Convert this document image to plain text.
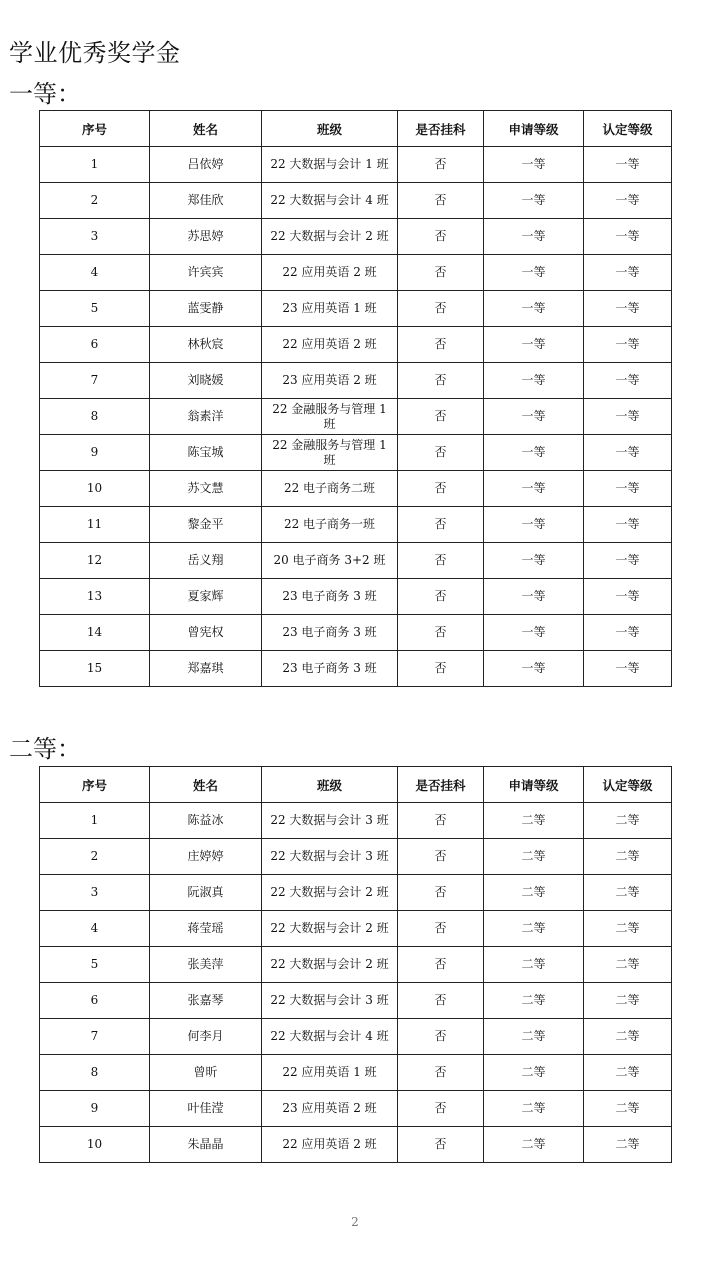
学业优秀奖学金
一等：
序号	姓名	班级	是否挂科	申请等级	认定等级
1	吕依婷	22 大数据与会计 1 班	否	一等	一等
2	郑佳欣	22 大数据与会计 4 班	否	一等	一等
3	苏思婷	22 大数据与会计 2 班	否	一等	一等
4	许宾宾	22 应用英语 2 班	否	一等	一等
5	蓝雯静	23 应用英语 1 班	否	一等	一等
6	林秋宸	22 应用英语 2 班	否	一等	一等
7	刘晓媛	23 应用英语 2 班	否	一等	一等
8	翁素洋	22 金融服务与管理 1 班	否	一等	一等
9	陈宝城	22 金融服务与管理 1 班	否	一等	一等
10	苏文慧	22 电子商务二班	否	一等	一等
11	黎金平	22 电子商务一班	否	一等	一等
12	岳义翔	20 电子商务 3+2 班	否	一等	一等
13	夏家辉	23 电子商务 3 班	否	一等	一等
14	曾宪权	23 电子商务 3 班	否	一等	一等
15	郑嘉琪	23 电子商务 3 班	否	一等	一等
二等：
序号	姓名	班级	是否挂科	申请等级	认定等级
1	陈益冰	22 大数据与会计 3 班	否	二等	二等
2	庄婷婷	22 大数据与会计 3 班	否	二等	二等
3	阮淑真	22 大数据与会计 2 班	否	二等	二等
4	蒋莹瑶	22 大数据与会计 2 班	否	二等	二等
5	张美萍	22 大数据与会计 2 班	否	二等	二等
6	张嘉琴	22 大数据与会计 3 班	否	二等	二等
7	何李月	22 大数据与会计 4 班	否	二等	二等
8	曾昕	22 应用英语 1 班	否	二等	二等
9	叶佳滢	23 应用英语 2 班	否	二等	二等
10	朱晶晶	22 应用英语 2 班	否	二等	二等
2
